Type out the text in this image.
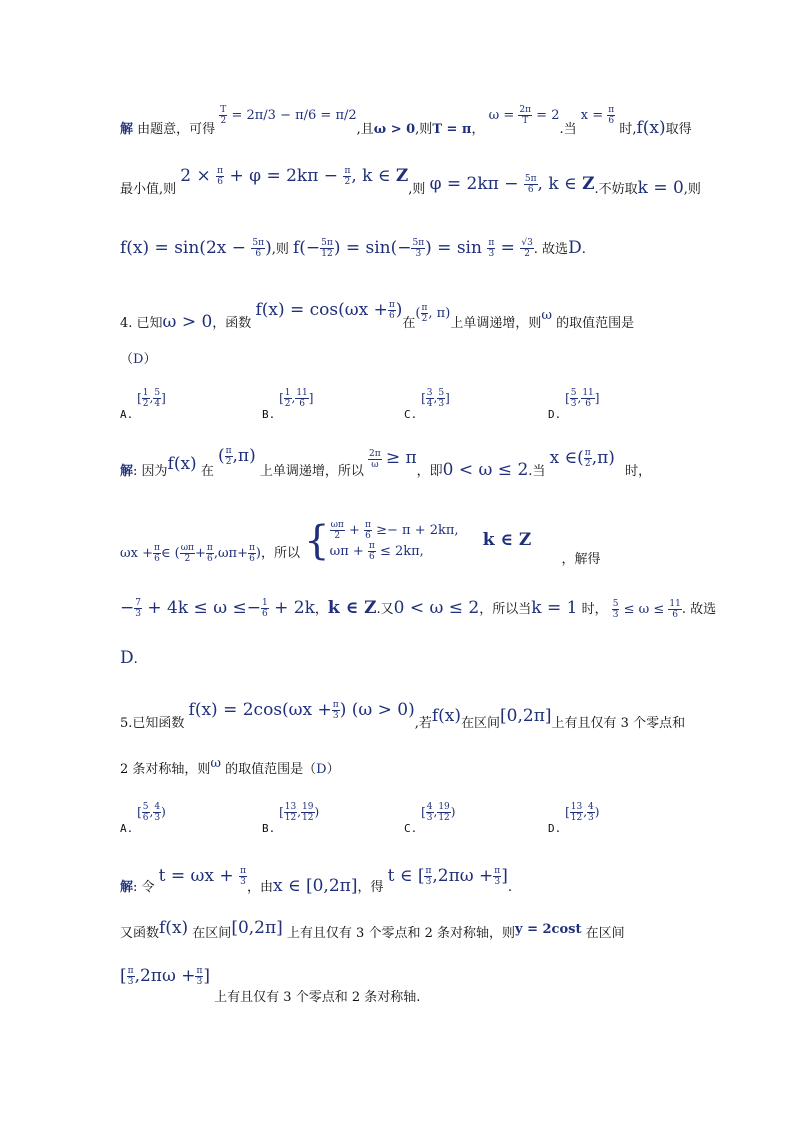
解 由题意，可得
$\frac{T}{2} = 2\pi/3 - \pi/6 = \pi/2$,且ω > 0,则T = π， $\omega = \frac{2\pi}{T} = 2$.当 $x = \frac{\pi}{6}$
时,f(x)取得
最小值,则 $2 \times \frac{\pi}{6} + \varphi = 2k\pi - \frac{\pi}{2}$ , k ∈ Z,则 $\varphi = 2k\pi - \frac{5\pi}{6}$ , k ∈ Z.不妨取k = 0,则
$f(x) = \sin(2x - \frac{5\pi}{6}$ ),则 $f(- \frac{5\pi}{12}$ ) = $\sin(- \frac{5\pi}{3}$ ) = $\sin \frac{\pi}{3} = \frac{√3}{2}$ . 故选D.
4. 已知ω > 0，函数 $f(x) = \cos(\omega x + \frac{\pi}{6}$ )在( $\frac{\pi}{2}$ , π)上单调递增，则ω 的取值范围是
（D）
A. [ $\frac{1}{2}$ , $\frac{5}{4}$ ]
B. [ $\frac{1}{2}$ , $\frac{11}{6}$ ]
C. [ $\frac{3}{4}$ , $\frac{5}{3}$ ]
D. [ $\frac{5}{3}$ , $\frac{11}{6}$ ]
解: 因为f(x) 在 ( $\frac{\pi}{2} ,\pi$) 上单调递增，所以
$\frac{2\pi}{\omega} \ge \pi$，即0 < ω ≤ 2.当 x ∈( $\frac{\pi}{2} ,\pi$) 时，
$\omega x + \frac{\pi}{6}$ ∈ ( $\frac{\omega\pi}{2} + \frac{\pi}{6} ,\omega\pi+ \frac{\pi}{6}$ )，所以 { $\frac{\omega\pi}{2} + \frac{\pi}{6} \ge- \pi + 2k\pi$,
$\omega\pi + \frac{\pi}{6} \le 2k\pi$,
k ∈ Z ，解得
− $\frac{7}{3} + 4k \le \omega \le- \frac{1}{6} + 2k$，k ∈ Z.又0 < ω ≤ 2，所以当k = 1 时， $\frac{5}{3} \le \omega \le \frac{11}{6}$ . 故选
D.
5.已知函数 $f(x) = 2\cos(\omega x + \frac{\pi}{3}$ ) (ω > 0),若f(x)在区间[0,2π]上有且仅有 3 个零点和
2 条对称轴，则ω 的取值范围是（D）
A. [ $\frac{5}{6}$ , $\frac{4}{3}$ )
B. [ $\frac{13}{12}$ , $\frac{19}{12}$ )
C. [ $\frac{4}{3}$ , $\frac{19}{12}$ )
D. [ $\frac{13}{12}$ , $\frac{4}{3}$ )
解: 令 $t = \omega x + \frac{\pi}{3}$
，由x ∈ [0,2π]，得 t ∈ [ $\frac{\pi}{3} ,2\pi\omega + \frac{\pi}{3}$ ].
又函数f(x) 在区间[0,2π] 上有且仅有 3 个零点和 2 条对称轴，则y = 2cost 在区间
[ $\frac{\pi}{3} ,2\pi\omega + \frac{\pi}{3}$ ] 上有且仅有 3 个零点和 2 条对称轴.
